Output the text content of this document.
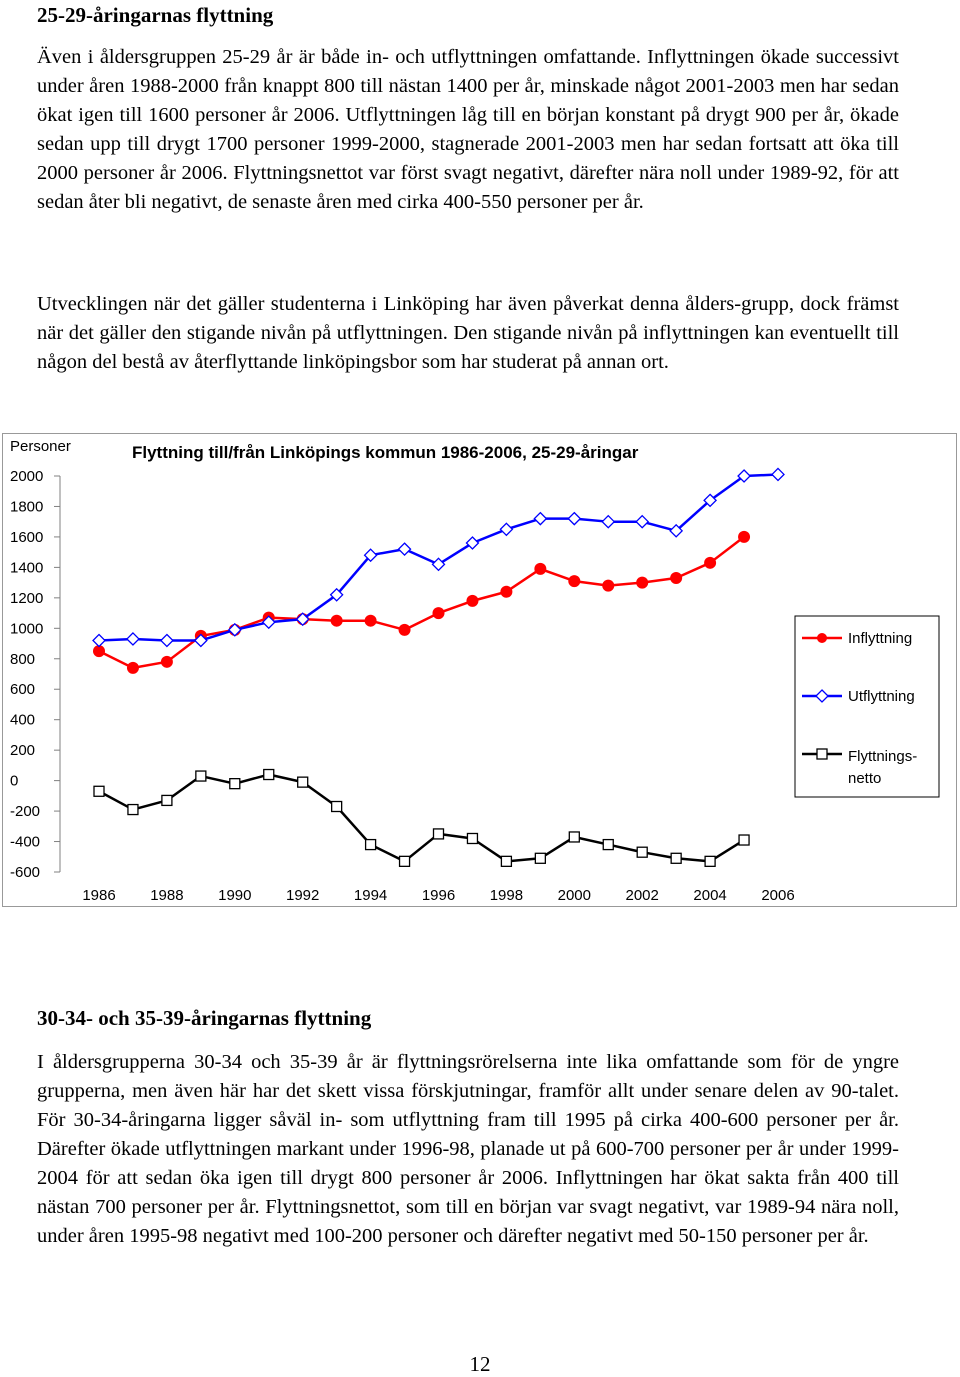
25-29-åringarnas flyttning

Även i åldersgruppen 25-29 år är både in- och utflyttningen omfattande. Inflyttningen ökade successivt under åren 1988-2000 från knappt 800 till nästan 1400 per år, minskade något 2001-2003 men har sedan ökat igen till 1600 personer år 2006. Utflyttningen låg till en början konstant på drygt 900 per år, ökade sedan upp till drygt 1700 personer 1999-2000, stagnerade 2001-2003 men har sedan fortsatt att öka till 2000 personer år 2006. Flyttningsnettot var först svagt negativt, därefter nära noll under 1989-92, för att sedan åter bli negativt, de senaste åren med cirka 400-550 personer per år.

Utvecklingen när det gäller studenterna i Linköping har även påverkat denna ålders-grupp, dock främst när det gäller den stigande nivån på utflyttningen. Den stigande nivån på inflyttningen kan eventuellt till någon del bestå av återflyttande linköpingsbor som har studerat på annan ort.

Personer	Flyttning till/från Linköpings kommun 1986-2006, 25-29-åringar
2000
1800
1600
1400
1200
1000
800
600
400
200
0
-200
-400
-600
1986 1988 1990 1992 1994 1996 1998 2000 2002 2004 2006
Inflyttning
Utflyttning
Flyttnings-
netto
30-34- och 35-39-åringarnas flyttning

I åldersgrupperna 30-34 och 35-39 år är flyttningsrörelserna inte lika omfattande som för de yngre grupperna, men även här har det skett vissa förskjutningar, framför allt under senare delen av 90-talet. För 30-34-åringarna ligger såväl in- som utflyttning fram till 1995 på cirka 400-600 personer per år. Därefter ökade utflyttningen markant under 1996-98, planade ut på 600-700 personer per år under 1999-2004 för att sedan öka igen till drygt 800 personer år 2006. Inflyttningen har ökat sakta från 400 till nästan 700 personer per år. Flyttningsnettot, som till en början var svagt negativt, var 1989-94 nära noll, under åren 1995-98 negativt med 100-200 personer och därefter negativt med 50-150 personer per år.

12
